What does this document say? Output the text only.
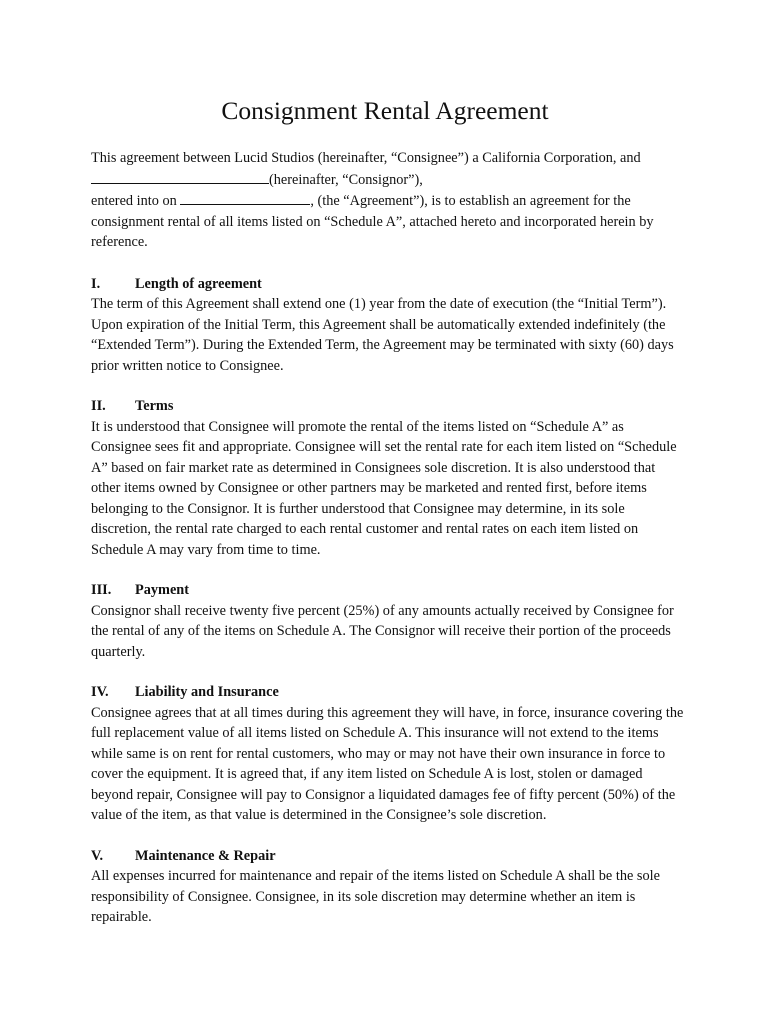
Consignment Rental Agreement

This agreement between Lucid Studios (hereinafter, “Consignee”) a California Corporation, and
(hereinafter, “Consignor”),
entered into on	, (the “Agreement”), is to establish an agreement for the
consignment rental of all items listed on “Schedule A”, attached hereto and incorporated herein by reference.

I.	Length of agreement

The term of this Agreement shall extend one (1) year from the date of execution (the “Initial Term”). Upon expiration of the Initial Term, this Agreement shall be automatically extended indefinitely (the “Extended Term”). During the Extended Term, the Agreement may be terminated with sixty (60) days prior written notice to Consignee.

II.	Terms

It is understood that Consignee will promote the rental of the items listed on “Schedule A” as Consignee sees fit and appropriate. Consignee will set the rental rate for each item listed on “Schedule A” based on fair market rate as determined in Consignees sole discretion. It is also understood that other items owned by Consignee or other partners may be marketed and rented first, before items belonging to the Consignor. It is further understood that Consignee may determine, in its sole discretion, the rental rate charged to each rental customer and rental rates on each item listed on Schedule A may vary from time to time.

III.	Payment

Consignor shall receive twenty five percent (25%) of any amounts actually received by Consignee for the rental of any of the items on Schedule A. The Consignor will receive their portion of the proceeds quarterly.

IV.	Liability and Insurance

Consignee agrees that at all times during this agreement they will have, in force, insurance covering the full replacement value of all items listed on Schedule A. This insurance will not extend to the items while same is on rent for rental customers, who may or may not have their own insurance in force to cover the equipment. It is agreed that, if any item listed on Schedule A is lost, stolen or damaged beyond repair, Consignee will pay to Consignor a liquidated damages fee of fifty percent (50%) of the value of the item, as that value is determined in the Consignee’s sole discretion.

V.	Maintenance & Repair

All expenses incurred for maintenance and repair of the items listed on Schedule A shall be the sole responsibility of Consignee. Consignee, in its sole discretion may determine whether an item is repairable.
